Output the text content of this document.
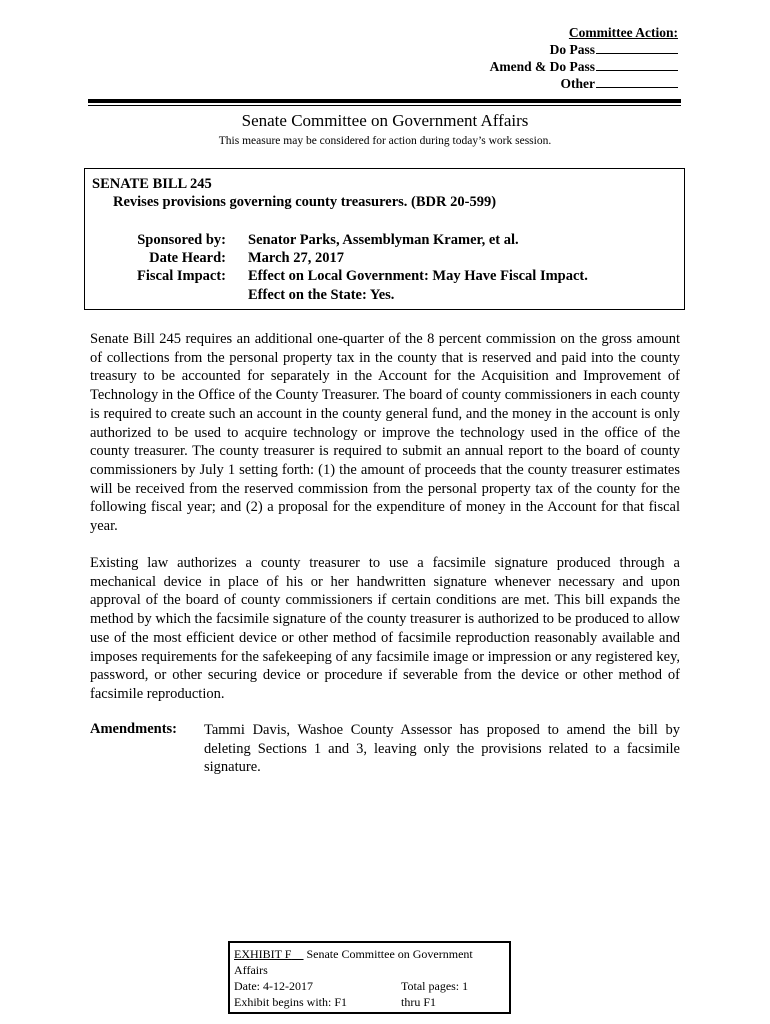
Committee Action:
Do Pass
Amend & Do Pass
Other
Senate Committee on Government Affairs
This measure may be considered for action during today’s work session.
SENATE BILL 245
Revises provisions governing county treasurers. (BDR 20-599)
Sponsored by: Senator Parks, Assemblyman Kramer, et al.
Date Heard: March 27, 2017
Fiscal Impact: Effect on Local Government: May Have Fiscal Impact.
Effect on the State: Yes.
Senate Bill 245 requires an additional one-quarter of the 8 percent commission on the gross amount of collections from the personal property tax in the county that is reserved and paid into the county treasury to be accounted for separately in the Account for the Acquisition and Improvement of Technology in the Office of the County Treasurer. The board of county commissioners in each county is required to create such an account in the county general fund, and the money in the account is only authorized to be used to acquire technology or improve the technology used in the office of the county treasurer. The county treasurer is required to submit an annual report to the board of county commissioners by July 1 setting forth: (1) the amount of proceeds that the county treasurer estimates will be received from the reserved commission from the personal property tax of the county for the following fiscal year; and (2) a proposal for the expenditure of money in the Account for that fiscal year.
Existing law authorizes a county treasurer to use a facsimile signature produced through a mechanical device in place of his or her handwritten signature whenever necessary and upon approval of the board of county commissioners if certain conditions are met. This bill expands the method by which the facsimile signature of the county treasurer is authorized to be produced to allow use of the most efficient device or other method of facsimile reproduction reasonably available and imposes requirements for the safekeeping of any facsimile image or impression or any registered key, password, or other securing device or procedure if severable from the device or other method of facsimile reproduction.
Amendments: Tammi Davis, Washoe County Assessor has proposed to amend the bill by deleting Sections 1 and 3, leaving only the provisions related to a facsimile signature.
EXHIBIT F__ Senate Committee on Government Affairs
Date: 4-12-2017	Total pages: 1
Exhibit begins with: F1	thru F1
